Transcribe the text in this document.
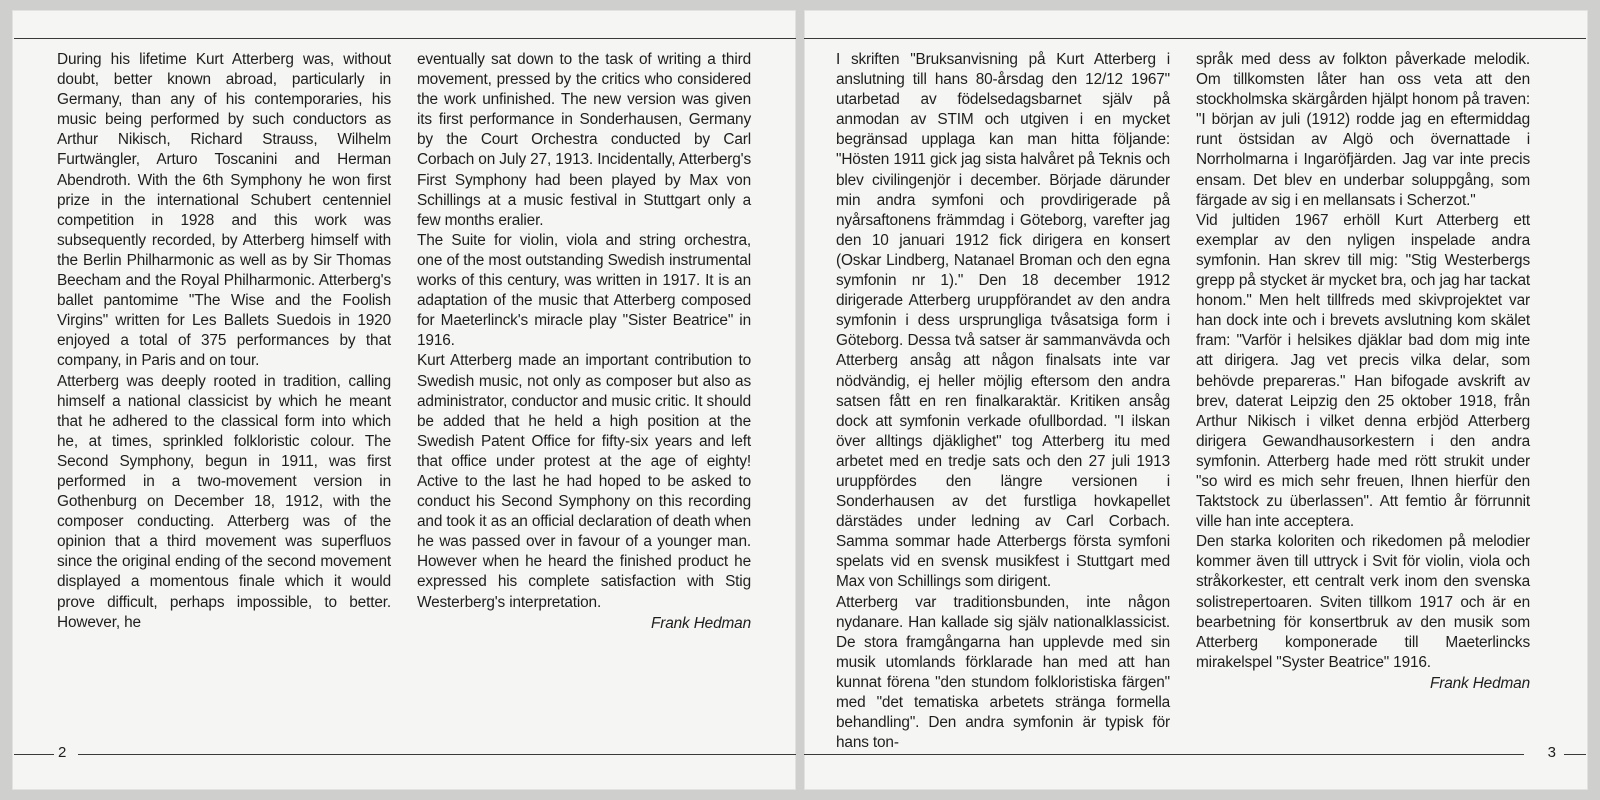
During his lifetime Kurt Atterberg was, without doubt, better known abroad, particularly in Germany, than any of his contemporaries, his music being performed by such conductors as Arthur Nikisch, Richard Strauss, Wilhelm Furtwängler, Arturo Toscanini and Herman Abendroth. With the 6th Symphony he won first prize in the international Schubert centenniel competition in 1928 and this work was subsequently recorded, by Atterberg himself with the Berlin Philharmonic as well as by Sir Thomas Beecham and the Royal Philharmonic. Atterberg's ballet pantomime "The Wise and the Foolish Virgins" written for Les Ballets Suedois in 1920 enjoyed a total of 375 performances by that company, in Paris and on tour.

Atterberg was deeply rooted in tradition, calling himself a national classicist by which he meant that he adhered to the classical form into which he, at times, sprinkled folkloristic colour. The Second Symphony, begun in 1911, was first performed in a two-movement version in Gothenburg on December 18, 1912, with the composer conducting. Atterberg was of the opinion that a third movement was superfluos since the original ending of the second movement displayed a momentous finale which it would prove difficult, perhaps impossible, to better. However, he

eventually sat down to the task of writing a third movement, pressed by the critics who considered the work unfinished. The new version was given its first performance in Sonderhausen, Germany by the Court Orchestra conducted by Carl Corbach on July 27, 1913. Incidentally, Atterberg's First Symphony had been played by Max von Schillings at a music festival in Stuttgart only a few months eralier.

The Suite for violin, viola and string orchestra, one of the most outstanding Swedish instrumental works of this century, was written in 1917. It is an adaptation of the music that Atterberg composed for Maeterlinck's miracle play "Sister Beatrice" in 1916.

Kurt Atterberg made an important contribution to Swedish music, not only as composer but also as administrator, conductor and music critic. It should be added that he held a high position at the Swedish Patent Office for fifty-six years and left that office under protest at the age of eighty! Active to the last he had hoped to be asked to conduct his Second Symphony on this recording and took it as an official declaration of death when he was passed over in favour of a younger man. However when he heard the finished product he expressed his complete satisfaction with Stig Westerberg's interpretation.

Frank Hedman

2

I skriften "Bruksanvisning på Kurt Atterberg i anslutning till hans 80-årsdag den 12/12 1967" utarbetad av födelsedagsbarnet själv på anmodan av STIM och utgiven i en mycket begränsad upplaga kan man hitta följande: "Hösten 1911 gick jag sista halvåret på Teknis och blev civilingenjör i december. Började därunder min andra symfoni och provdirigerade på nyårsaftonens främmdag i Göteborg, varefter jag den 10 januari 1912 fick dirigera en konsert (Oskar Lindberg, Natanael Broman och den egna symfonin nr 1)." Den 18 december 1912 dirigerade Atterberg uruppförandet av den andra symfonin i dess ursprungliga tvåsatsiga form i Göteborg. Dessa två satser är sammanvävda och Atterberg ansåg att någon finalsats inte var nödvändig, ej heller möjlig eftersom den andra satsen fått en ren finalkaraktär. Kritiken ansåg dock att symfonin verkade ofullbordad. "I ilskan över alltings djäklighet" tog Atterberg itu med arbetet med en tredje sats och den 27 juli 1913 uruppfördes den längre versionen i Sonderhausen av det furstliga hovkapellet därstädes under ledning av Carl Corbach. Samma sommar hade Atterbergs första symfoni spelats vid en svensk musikfest i Stuttgart med Max von Schillings som dirigent.

Atterberg var traditionsbunden, inte någon nydanare. Han kallade sig själv nationalklassicist. De stora framgångarna han upplevde med sin musik utomlands förklarade han med att han kunnat förena "den stundom folkloristiska färgen" med "det tematiska arbetets stränga formella behandling". Den andra symfonin är typisk för hans ton-

språk med dess av folkton påverkade melodik. Om tillkomsten låter han oss veta att den stockholmska skärgården hjälpt honom på traven: "I början av juli (1912) rodde jag en eftermiddag runt östsidan av Algö och övernattade i Norrholmarna i Ingaröfjärden. Jag var inte precis ensam. Det blev en underbar soluppgång, som färgade av sig i en mellansats i Scherzot."

Vid jultiden 1967 erhöll Kurt Atterberg ett exemplar av den nyligen inspelade andra symfonin. Han skrev till mig: "Stig Westerbergs grepp på stycket är mycket bra, och jag har tackat honom." Men helt tillfreds med skivprojektet var han dock inte och i brevets avslutning kom skälet fram: "Varför i helsikes djäklar bad dom mig inte att dirigera. Jag vet precis vilka delar, som behövde prepareras." Han bifogade avskrift av brev, daterat Leipzig den 25 oktober 1918, från Arthur Nikisch i vilket denna erbjöd Atterberg dirigera Gewandhausorkestern i den andra symfonin. Atterberg hade med rött strukit under "so wird es mich sehr freuen, Ihnen hierfür den Taktstock zu überlassen". Att femtio år förrunnit ville han inte acceptera.

Den starka koloriten och rikedomen på melodier kommer även till uttryck i Svit för violin, viola och stråkorkester, ett centralt verk inom den svenska solistrepertoaren. Sviten tillkom 1917 och är en bearbetning för konsertbruk av den musik som Atterberg komponerade till Maeterlincks mirakelspel "Syster Beatrice" 1916.

Frank Hedman

3
